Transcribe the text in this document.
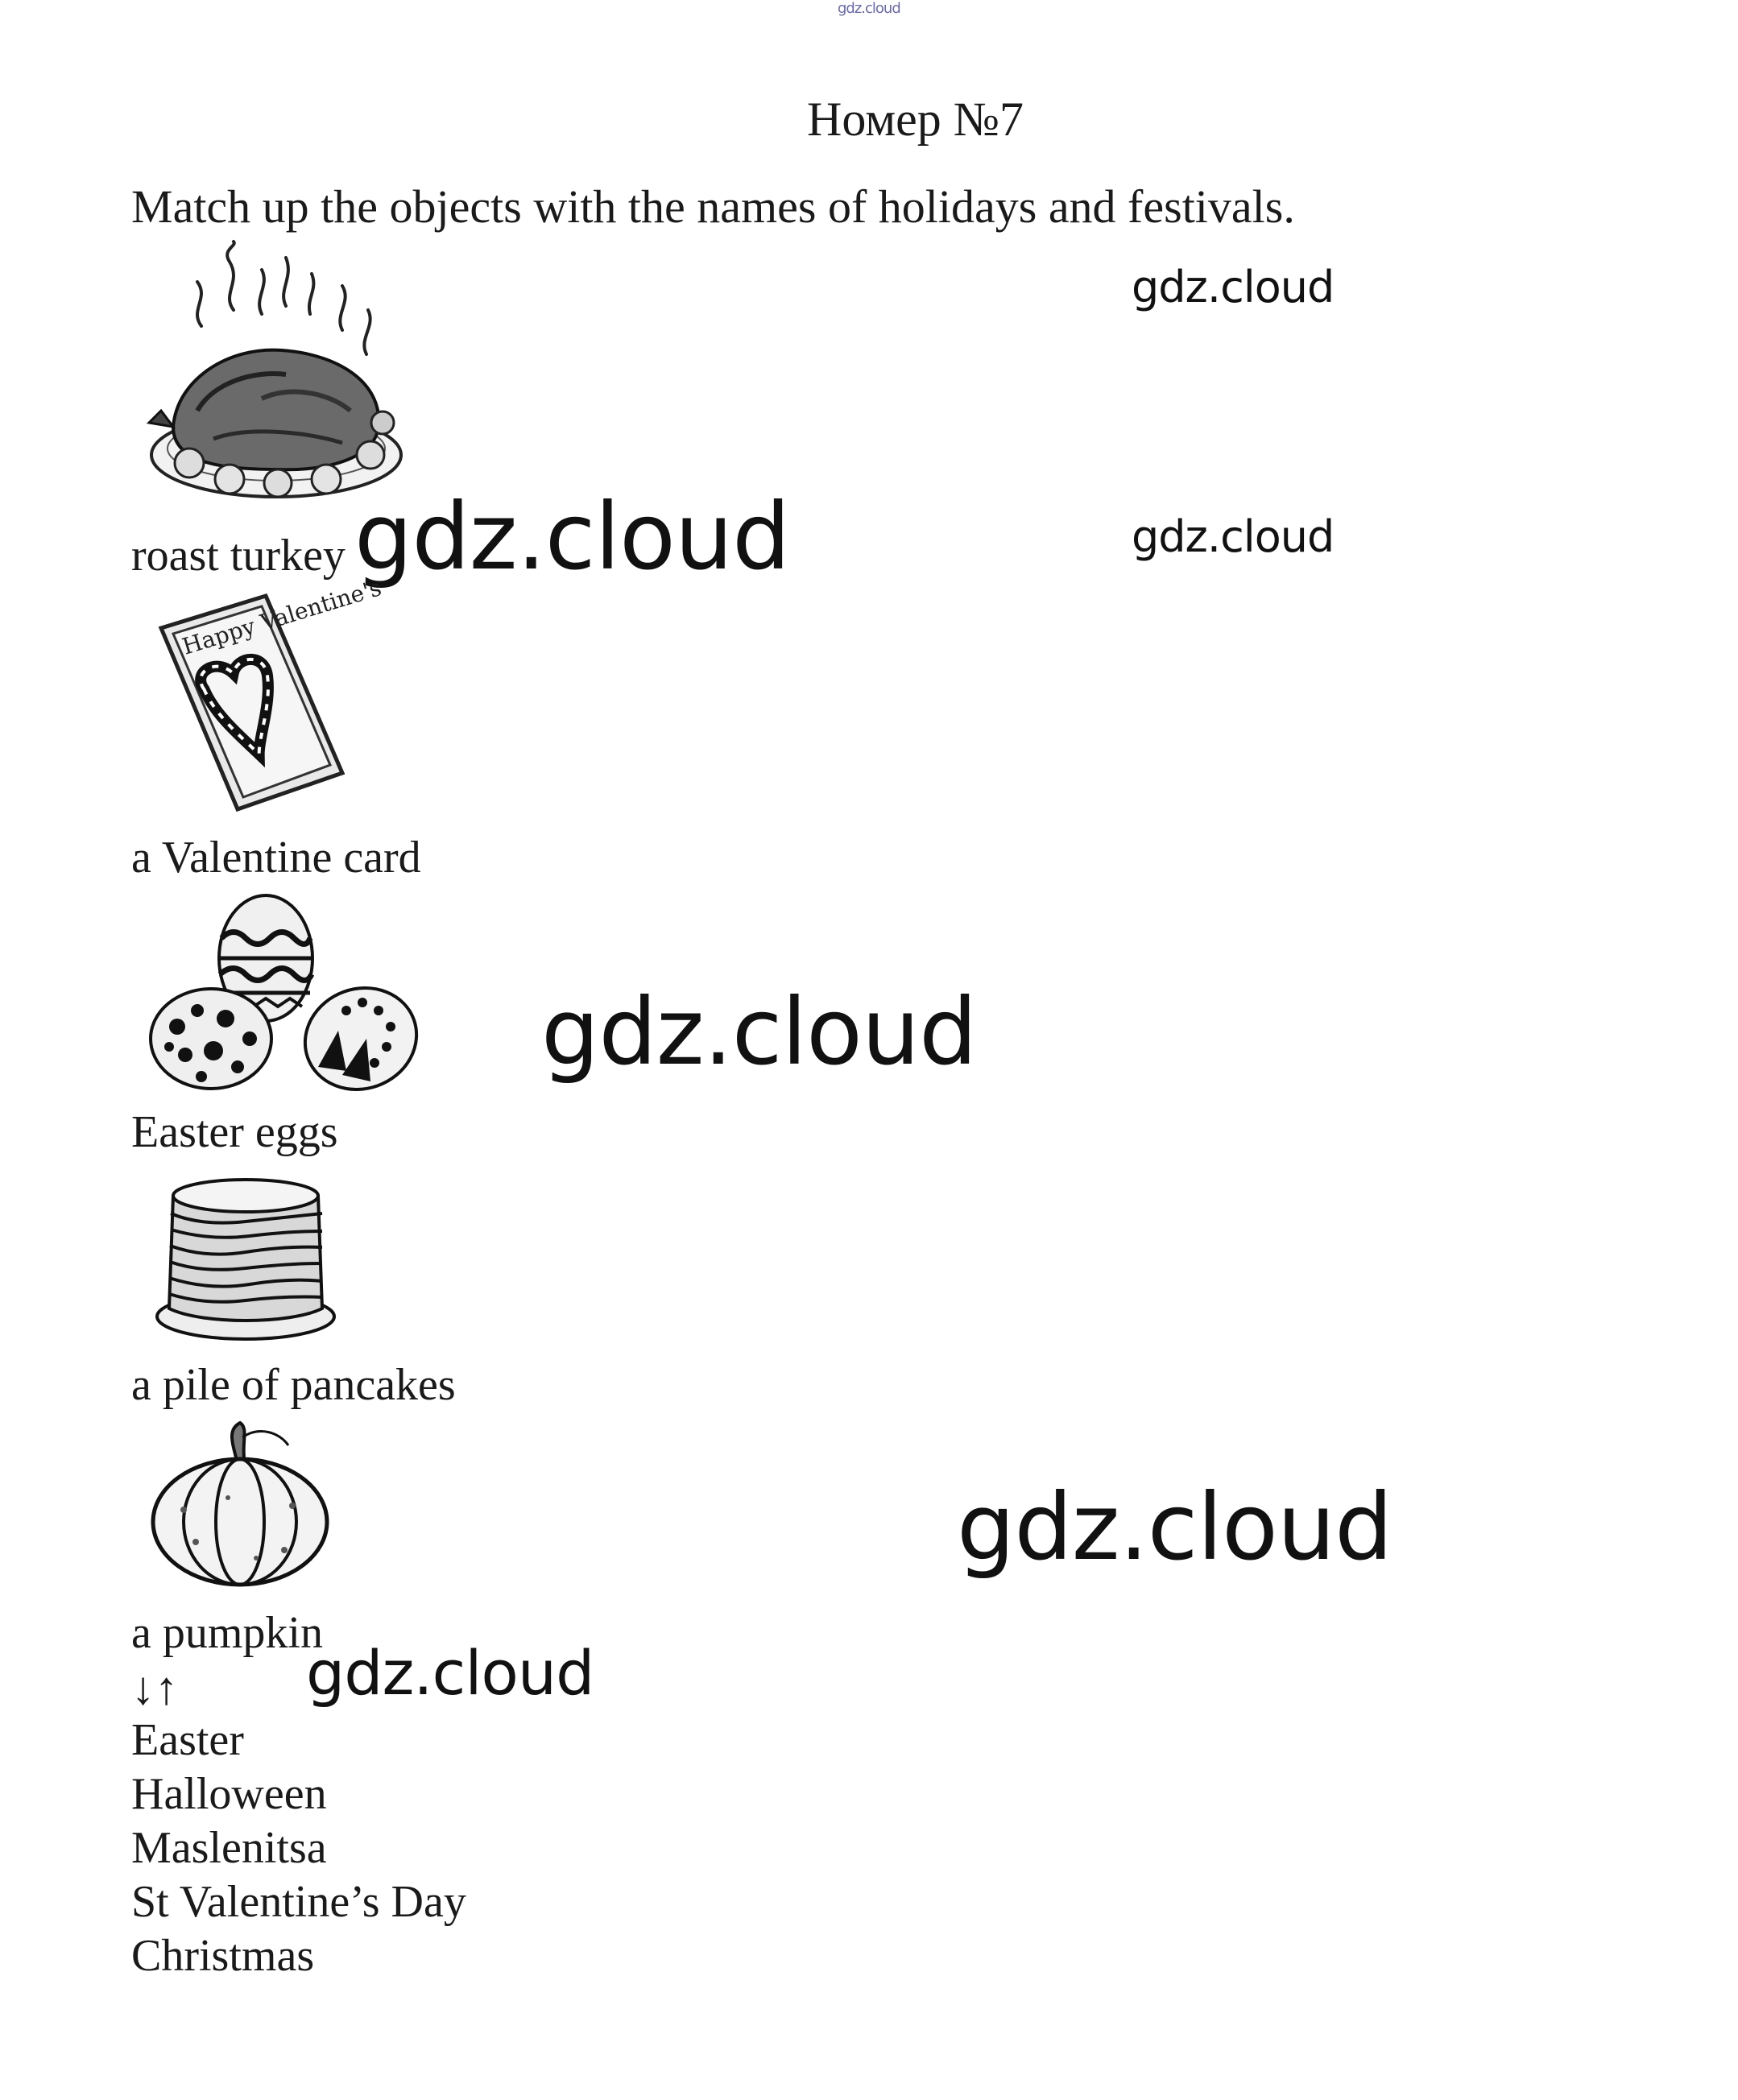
gdz.cloud
Номер №7
Match up the objects with the names of holidays and festivals.
gdz.cloud
gdz.cloud
gdz.cloud
gdz.cloud
gdz.cloud
gdz.cloud
roast turkey
Happy Valentine's
a Valentine card
Easter eggs
a pile of pancakes
a pumpkin
↓↑
Easter
Halloween
Maslenitsa
St Valentine’s Day
Christmas
